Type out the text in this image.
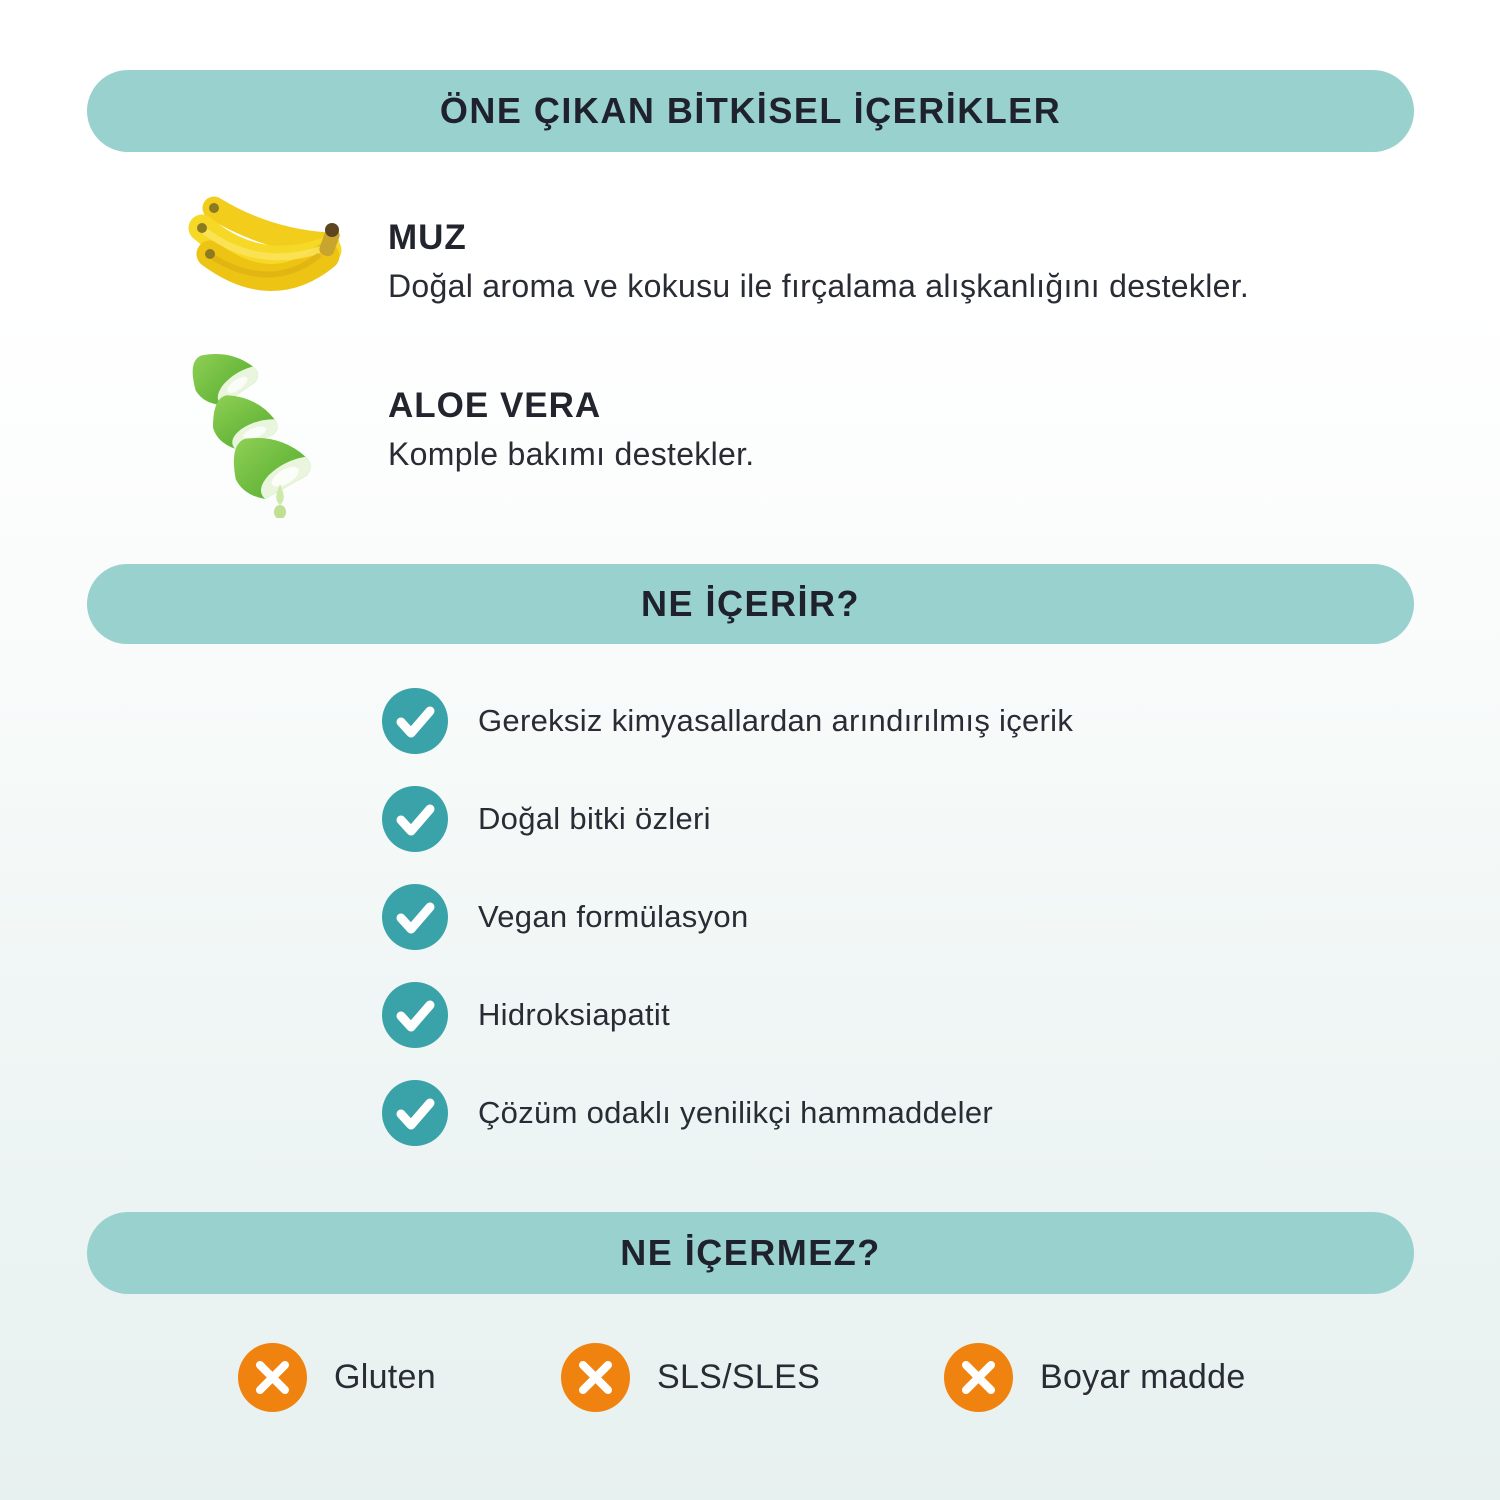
ÖNE ÇIKAN BİTKİSEL İÇERİKLER
MUZ
Doğal aroma ve kokusu ile fırçalama alışkanlığını destekler.
ALOE VERA
Komple bakımı destekler.
NE İÇERİR?
Gereksiz kimyasallardan arındırılmış içerik
Doğal bitki özleri
Vegan formülasyon
Hidroksiapatit
Çözüm odaklı yenilikçi hammaddeler
NE İÇERMEZ?
Gluten	SLS/SLES	Boyar madde
